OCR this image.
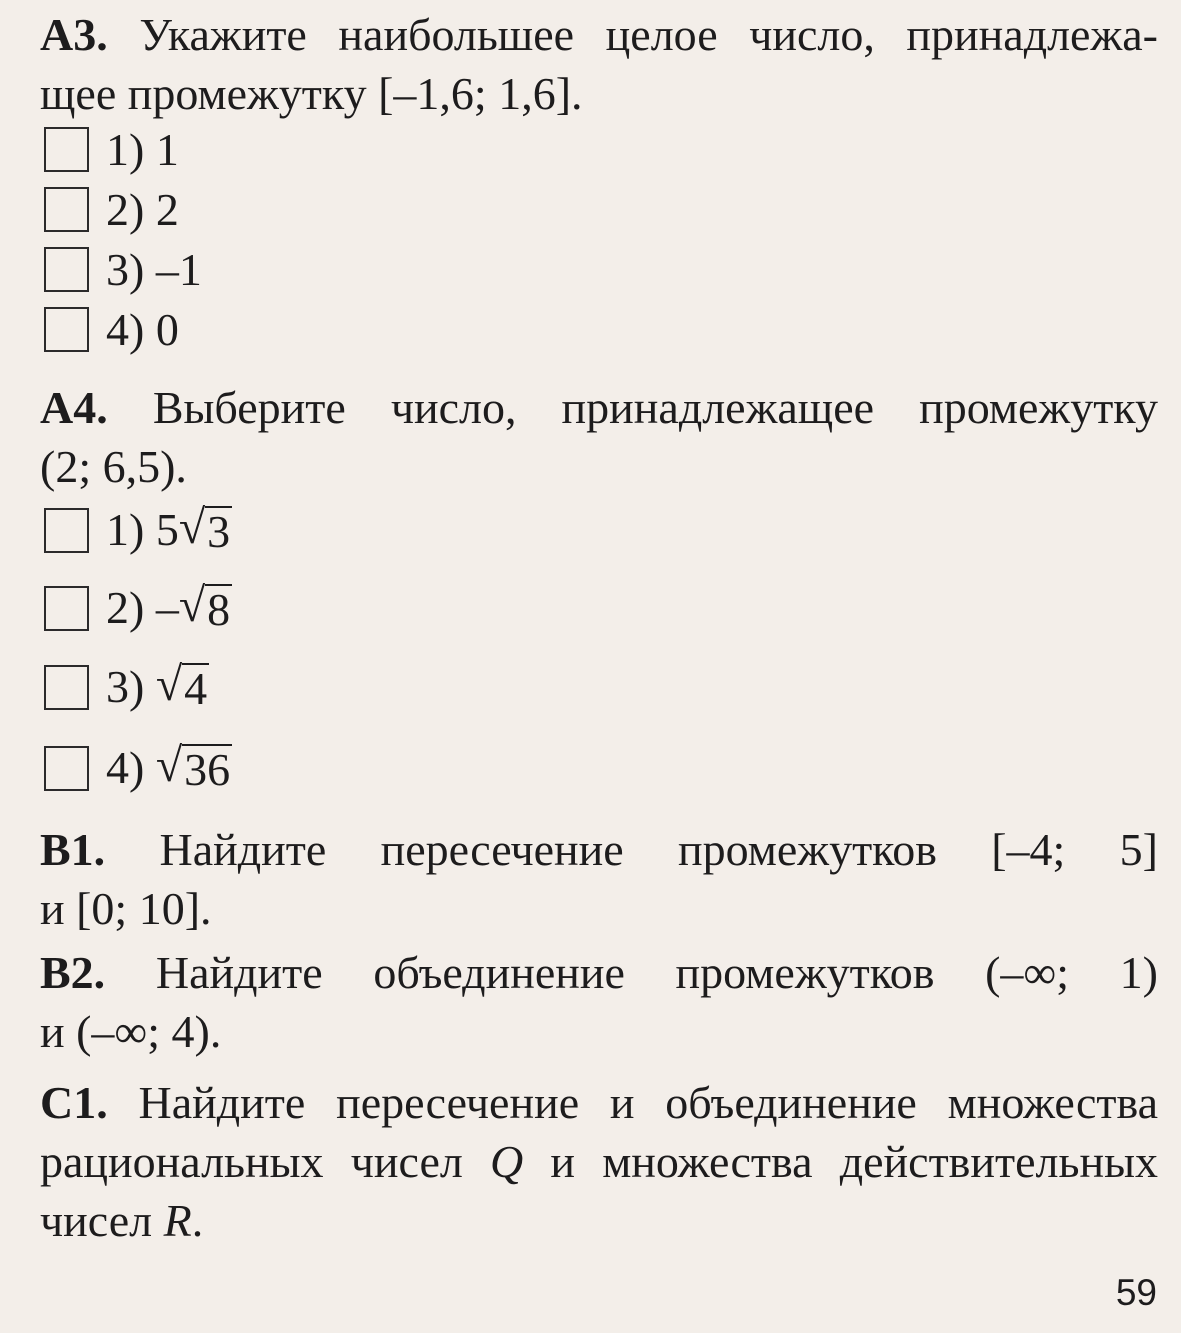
А3. Укажите наибольшее целое число, принадлежа-
щее промежутку [–1,6; 1,6].
1) 1
2) 2
3) –1
4) 0
А4. Выберите число, принадлежащее промежутку
(2; 6,5).
1) 5 √ 3
2) – √ 8
3) √ 4
4) √ 36
В1. Найдите пересечение промежутков [–4; 5]
и [0; 10].
В2. Найдите объединение промежутков (–∞; 1)
и (–∞; 4).
С1. Найдите пересечение и объединение множества
рациональных чисел Q и множества действительных
чисел R.
59
